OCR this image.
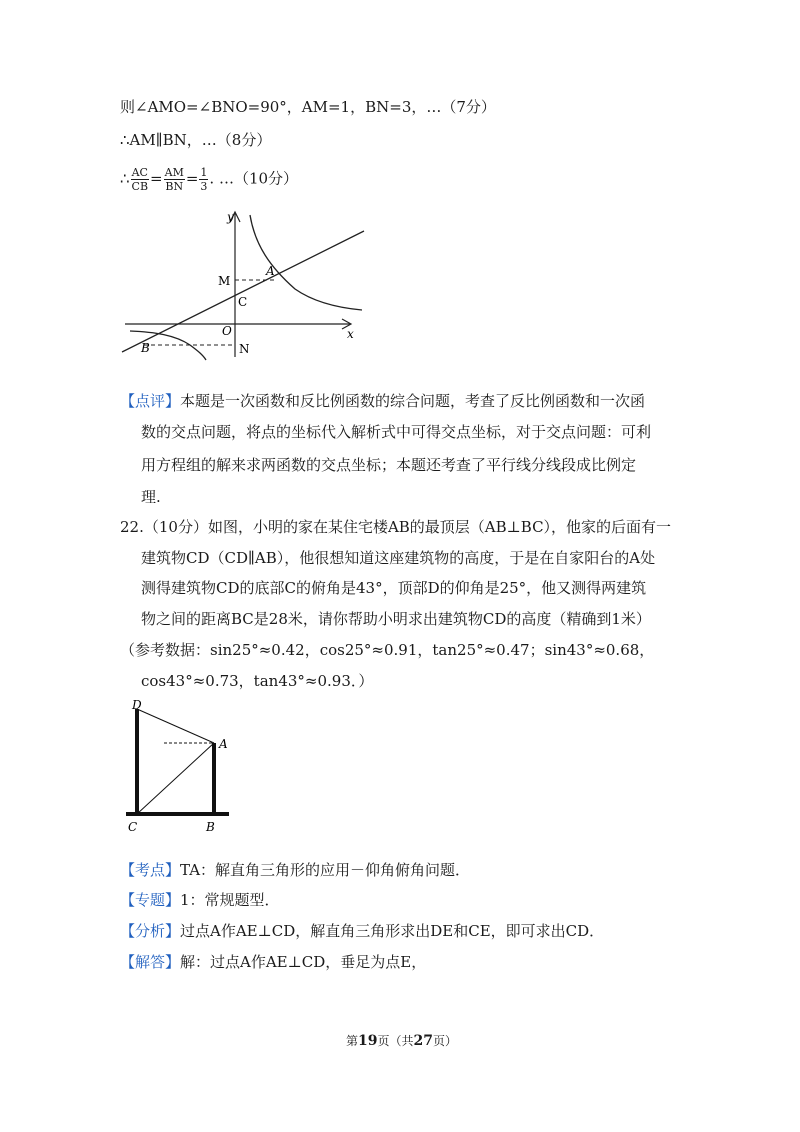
则∠AMO=∠BNO=90°，AM=1，BN=3，…（7分）
∴AM∥BN，…（8分）
∴ $\frac{AC}{CB} = \frac{AM}{BN} = \frac{1}{3}$ . …（10分）
y
x
M
A
C
O
B	N
【点评】本题是一次函数和反比例函数的综合问题，考查了反比例函数和一次函
数的交点问题，将点的坐标代入解析式中可得交点坐标，对于交点问题：可利
用方程组的解来求两函数的交点坐标；本题还考查了平行线分线段成比例定
理.
22.（10分）如图，小明的家在某住宅楼AB的最顶层（AB⊥BC），他家的后面有一
建筑物CD（CD∥AB），他很想知道这座建筑物的高度，于是在自家阳台的A处
测得建筑物CD的底部C的俯角是43°，顶部D的仰角是25°，他又测得两建筑
物之间的距离BC是28米，请你帮助小明求出建筑物CD的高度（精确到1米）
（参考数据：sin25°≈0.42，cos25°≈0.91，tan25°≈0.47；sin43°≈0.68，
cos43°≈0.73，tan43°≈0.93．）
D
A
C	B
【考点】TA：解直角三角形的应用－仰角俯角问题．
【专题】1：常规题型．
【分析】过点A作AE⊥CD，解直角三角形求出DE和CE，即可求出CD．
【解答】解：过点A作AE⊥CD，垂足为点E，
第19页（共27页）
